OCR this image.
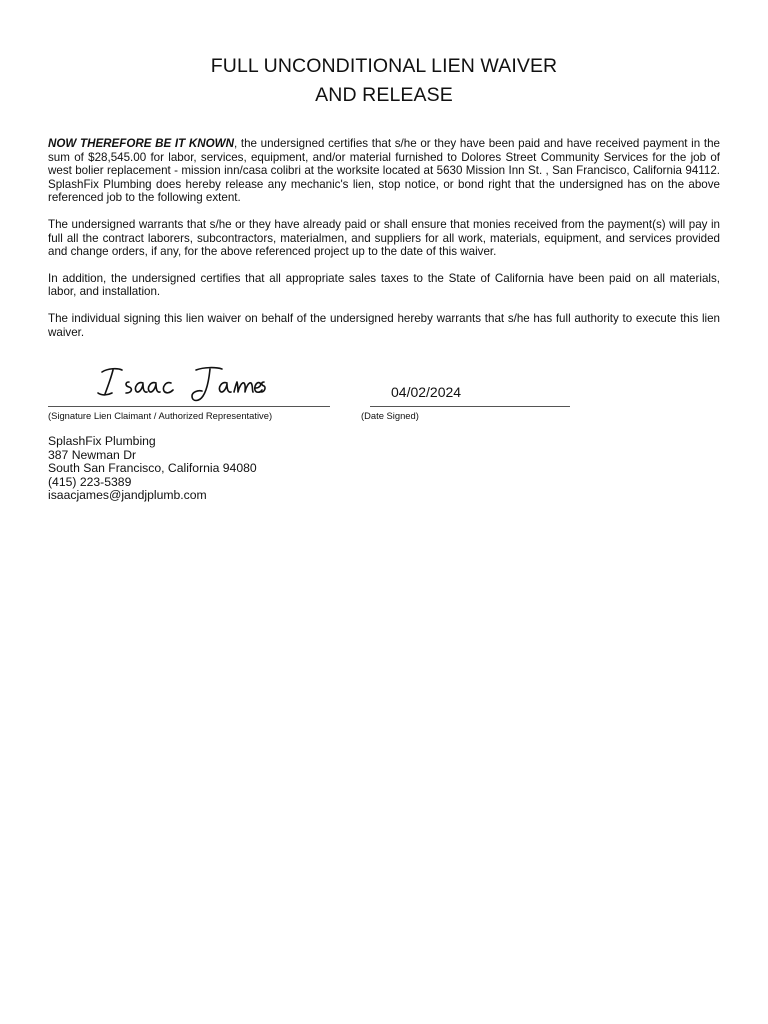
FULL UNCONDITIONAL LIEN WAIVER
AND RELEASE

NOW THEREFORE BE IT KNOWN, the undersigned certifies that s/he or they have been paid and have received payment in the sum of $28,545.00 for labor, services, equipment, and/or material furnished to Dolores Street Community Services for the job of west bolier replacement - mission inn/casa colibri at the worksite located at 5630 Mission Inn St. , San Francisco, California 94112. SplashFix Plumbing does hereby release any mechanic's lien, stop notice, or bond right that the undersigned has on the above referenced job to the following extent.

The undersigned warrants that s/he or they have already paid or shall ensure that monies received from the payment(s) will pay in full all the contract laborers, subcontractors, materialmen, and suppliers for all work, materials, equipment, and services provided and change orders, if any, for the above referenced project up to the date of this waiver.

In addition, the undersigned certifies that all appropriate sales taxes to the State of California have been paid on all materials, labor, and installation.

The individual signing this lien waiver on behalf of the undersigned hereby warrants that s/he has full authority to execute this lien waiver.

Isaac James
04/02/2024
(Signature Lien Claimant / Authorized Representative)	(Date Signed)
SplashFix Plumbing
387 Newman Dr
South San Francisco, California 94080
(415) 223-5389
isaacjames@jandjplumb.com
